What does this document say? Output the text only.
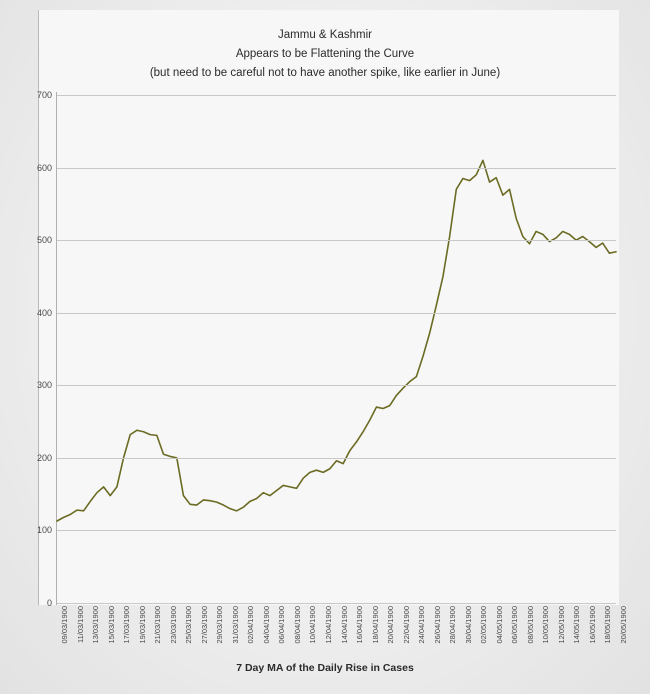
Jammu & Kashmir
Appears to be Flattening the Curve
(but need to be careful not to have another spike, like earlier in June)
0
100
200
300
400
500
600
700
09/03/1900 11/03/1900 13/03/1900 15/03/1900 17/03/1900 19/03/1900 21/03/1900 23/03/1900 25/03/1900 27/03/1900 29/03/1900 31/03/1900 02/04/1900 04/04/1900 06/04/1900 08/04/1900 10/04/1900 12/04/1900 14/04/1900 16/04/1900 18/04/1900 20/04/1900 22/04/1900 24/04/1900 26/04/1900 28/04/1900 30/04/1900 02/05/1900 04/05/1900 06/05/1900 08/05/1900 10/05/1900 12/05/1900 14/05/1900 16/05/1900 18/05/1900 20/05/1900
7 Day MA of the Daily Rise in Cases
